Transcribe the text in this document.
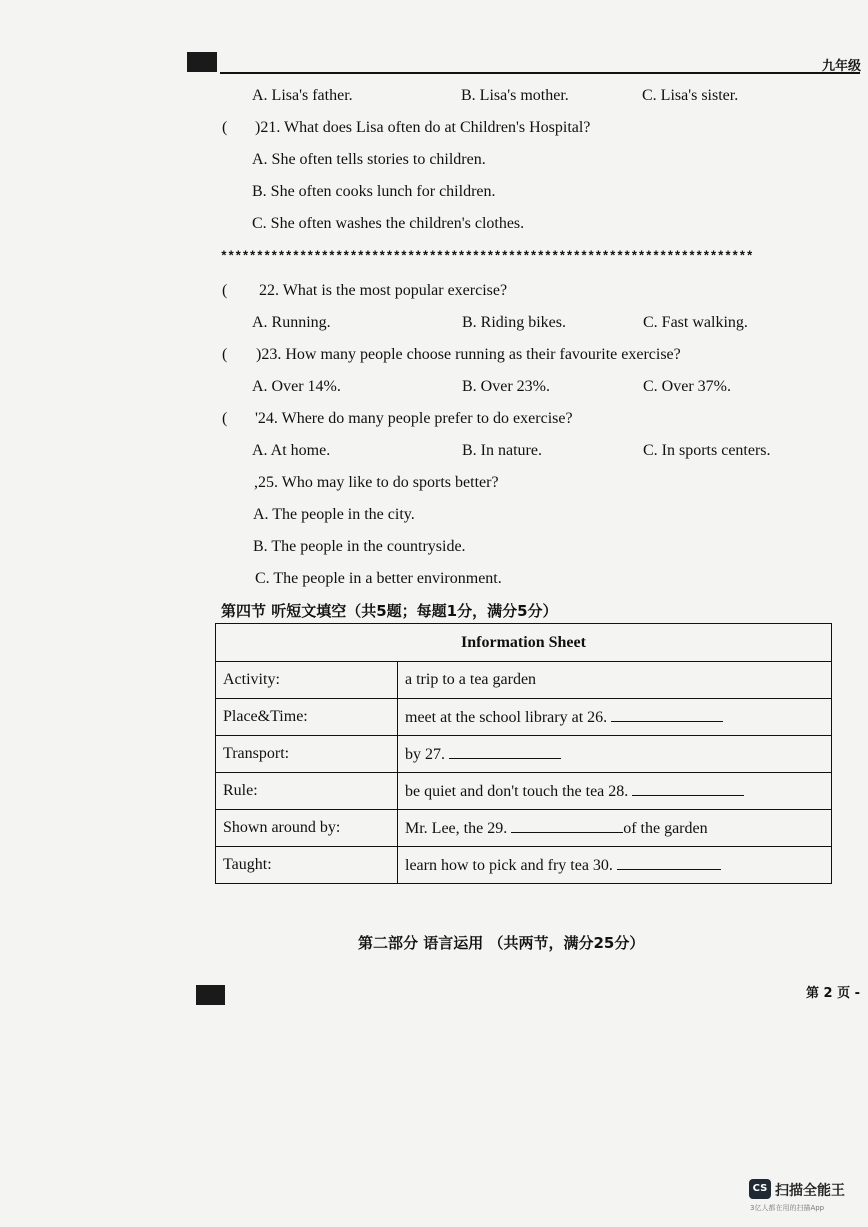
九年级
A. Lisa's father.	B. Lisa's mother.	C. Lisa's sister.
( )21. What does Lisa often do at Children's Hospital?
A. She often tells stories to children.
B. She often cooks lunch for children.
C. She often washes the children's clothes.
**************************************************************************
( 22. What is the most popular exercise?
A. Running.	B. Riding bikes.	C. Fast walking.
( )23. How many people choose running as their favourite exercise?
A. Over 14%.	B. Over 23%.	C. Over 37%.
( '24. Where do many people prefer to do exercise?
A. At home.	B. In nature.	C. In sports centers.
,25. Who may like to do sports better?
A. The people in the city.
B. The people in the countryside.
C. The people in a better environment.
第四节 听短文填空（共5题；每题1分，满分5分）
Information Sheet	
Activity:	a trip to a tea garden
Place&Time:	meet at the school library at 26.
Transport:	by 27.
Rule:	be quiet and don't touch the tea 28.
Shown around by:	Mr. Lee, the 29. of the garden
Taught:	learn how to pick and fry tea 30.
第二部分 语言运用 （共两节，满分25分）
第 2 页 -
CS 扫描全能王
3亿人都在用的扫描App
